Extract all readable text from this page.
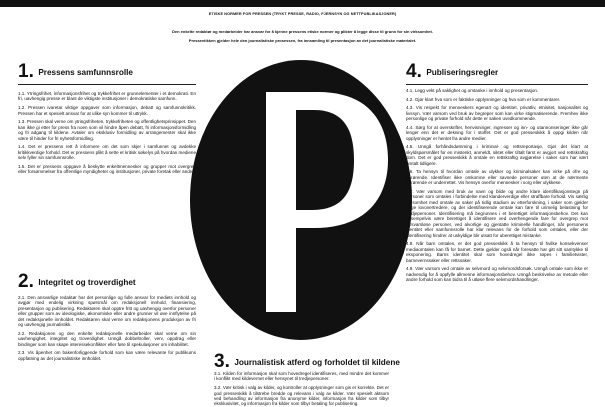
ETISKE NORMER FOR PRESSEN (TRYKT PRESSE, RADIO, FJERNSYN OG NETTPUBLIKASJONER)
Den enkelte redaktør og medarbeider har ansvar for å kjenne pressens etiske normer og plikter å legge disse til grunn for sin virksomhet.
Presseetikken gjelder hele den journalistiske prosessen, fra innsamling til presentasjon av det journalistiske materialet.
1. Pressens samfunnsrolle

1.1. Ytringsfrihet, informasjonsfrihet og trykkefrihet er grunnelementer i et demokrati. En fri, uavhengig presse er blant de viktigste institusjoner i demokratiske samfunn.

1.2. Pressen ivaretar viktige oppgaver som informasjon, debatt og samfunnskritikk. Pressen har et spesielt ansvar for at ulike syn kommer til uttrykk.

1.3. Pressen skal verne om ytringsfriheten, trykkefriheten og offentlighetsprinsippet. Den kan ikke gi etter for press fra noen som vil hindre åpen debatt, fri informasjonsformidling og fri adgang til kildene. Avtaler om eksklusiv formidling av arrangementer skal ikke være til hinder for fri nyhetsformidling.

1.4. Det er pressens rett å informere om det som skjer i samfunnet og avdekke kritikkverdige forhold. Det er pressens plikt å sette et kritisk søkelys på hvordan mediene selv fyller sin samfunnsrolle.

1.5. Det er pressens oppgave å beskytte enkeltmennesker og grupper mot overgrep eller forsømmelser fra offentlige myndigheter og institusjoner, private foretak eller andre.

2. Integritet og troverdighet

2.1. Den ansvarlige redaktør har det personlige og fulle ansvar for mediets innhold og avgjør med endelig virkning spørsmål om redaksjonell innhold, finansiering, presentasjon og publisering. Redaktøren skal opptre fritt og uavhengig overfor personer eller grupper som av ideologiske, økonomiske eller andre grunner vil øve innflytelse på det redaksjonelle innholdet. Redaktøren skal verne om redaksjonens produksjon av fri og uavhengig journalistikk.

2.2. Redaksjonen og den enkelte redaksjonelle medarbeider skal verne om sin uavhengighet, integritet og troverdighet. Unngå dobbeltroller, verv, oppdrag eller bindinger som kan skape interessekonflikter eller føre til spekulasjoner om inhabilitet.

2.3. Vis åpenhet om bakenforliggende forhold som kan være relevante for publikums oppfatning av det journalistiske innholdet.	3. Journalistisk atferd og forholdet til kildene

3.1. Kilden for informasjon skal som hovedregel identifiseres, med mindre det kommer i konflikt med kildevernet eller hensynet til tredjepersoner.

3.2. Vær kritisk i valg av kilder, og kontroller at opplysninger som gis er korrekte. Det er god presseskikk å tilstrebe bredde og relevans i valg av kilder. Vær spesielt aktsom ved behandling av informasjon fra anonyme kilder, informasjon fra kilder som tilbyr eksklusivitet, og informasjon fra kilder som tilbyr betaling for publisering.

4. Publiseringsregler

4.1. Legg vekt på saklighet og omtanke i innhold og presentasjon.

4.2. Gjør klart hva som er faktiske opplysninger og hva som er kommentarer.

4.3. Vis respekt for menneskers egenart og identitet, privatliv, etnisitet, nasjonalitet og livssyn. Vær varsom ved bruk av begreper som kan virke stigmatiserende. Fremhev ikke personlige og private forhold når dette er saken uvedkommende.

4.4. Sørg for at overskrifter, henvisninger, ingresser og inn- og utannonseringer ikke går lenger enn det er dekning for i stoffet. Det er god presseskikk å oppgi kilden når opplysninger er hentet fra andre medier.

4.5. Unngå forhåndsdømming i kriminal- og rettsreportasje. Gjør det klart at skyldspørsmålet for en mistenkt, anmeldt, siktet eller tiltalt først er avgjort ved rettskraftig dom. Det er god presseskikk å omtale en rettskraftig avgjørelse i saker som har vært omtalt tidligere.

4.6. Ta hensyn til hvordan omtale av ulykker og kriminalsaker kan virke på ofre og pårørende. Identifiser ikke omkomne eller savnede personer uten at de nærmeste pårørende er underrettet. Vis hensyn overfor mennesker i sorg eller ulykkese.

4.7. Vær varsom med bruk av navn og bilde og andre klare identifikasjonstegn på personer som omtales i forbindelse med klanderverdige eller straffbare forhold. Vis særlig varsomhet med omtale av saker på tidlig stadium av etterforskning, i saker som gjelder unge lovovertredere, og der identifiserende omtale kan føre til urimelig belastning for tredjepersoner. Identifisering må begrunnes i et berettiget informasjonsbehov. Det kan eksempelvis være berettiget å identifisere ved overhengende fare for overgrep mot forsvarsløse personer, ved alvorlige og gjentatte kriminelle handlinger, når personens identitet eller samfunnsrolle har klar relevans for de forhold som omtales, eller der identifisering hindrer at uskyldige blir utsatt for uberettiget mistanke.

4.8. Når barn omtales, er det god presseskikk å ta hensyn til hvilke konsekvenser mediaomtalen kan få for barnet. Dette gjelder også når foresatte har gitt sitt samtykke til eksponering. Barns identitet skal som hovedregel ikke røpes i familietvister, barnevernssaker eller rettssaker.

4.9. Vær varsom ved omtale av selvmord og selvmordsforsøk. Unngå omtale som ikke er nødvendig for å oppfylle allmenne informasjonsbehov. Unngå beskrivelse av metode eller andre forhold som kan bidra til å utløse flere selvmordshandlinger.
